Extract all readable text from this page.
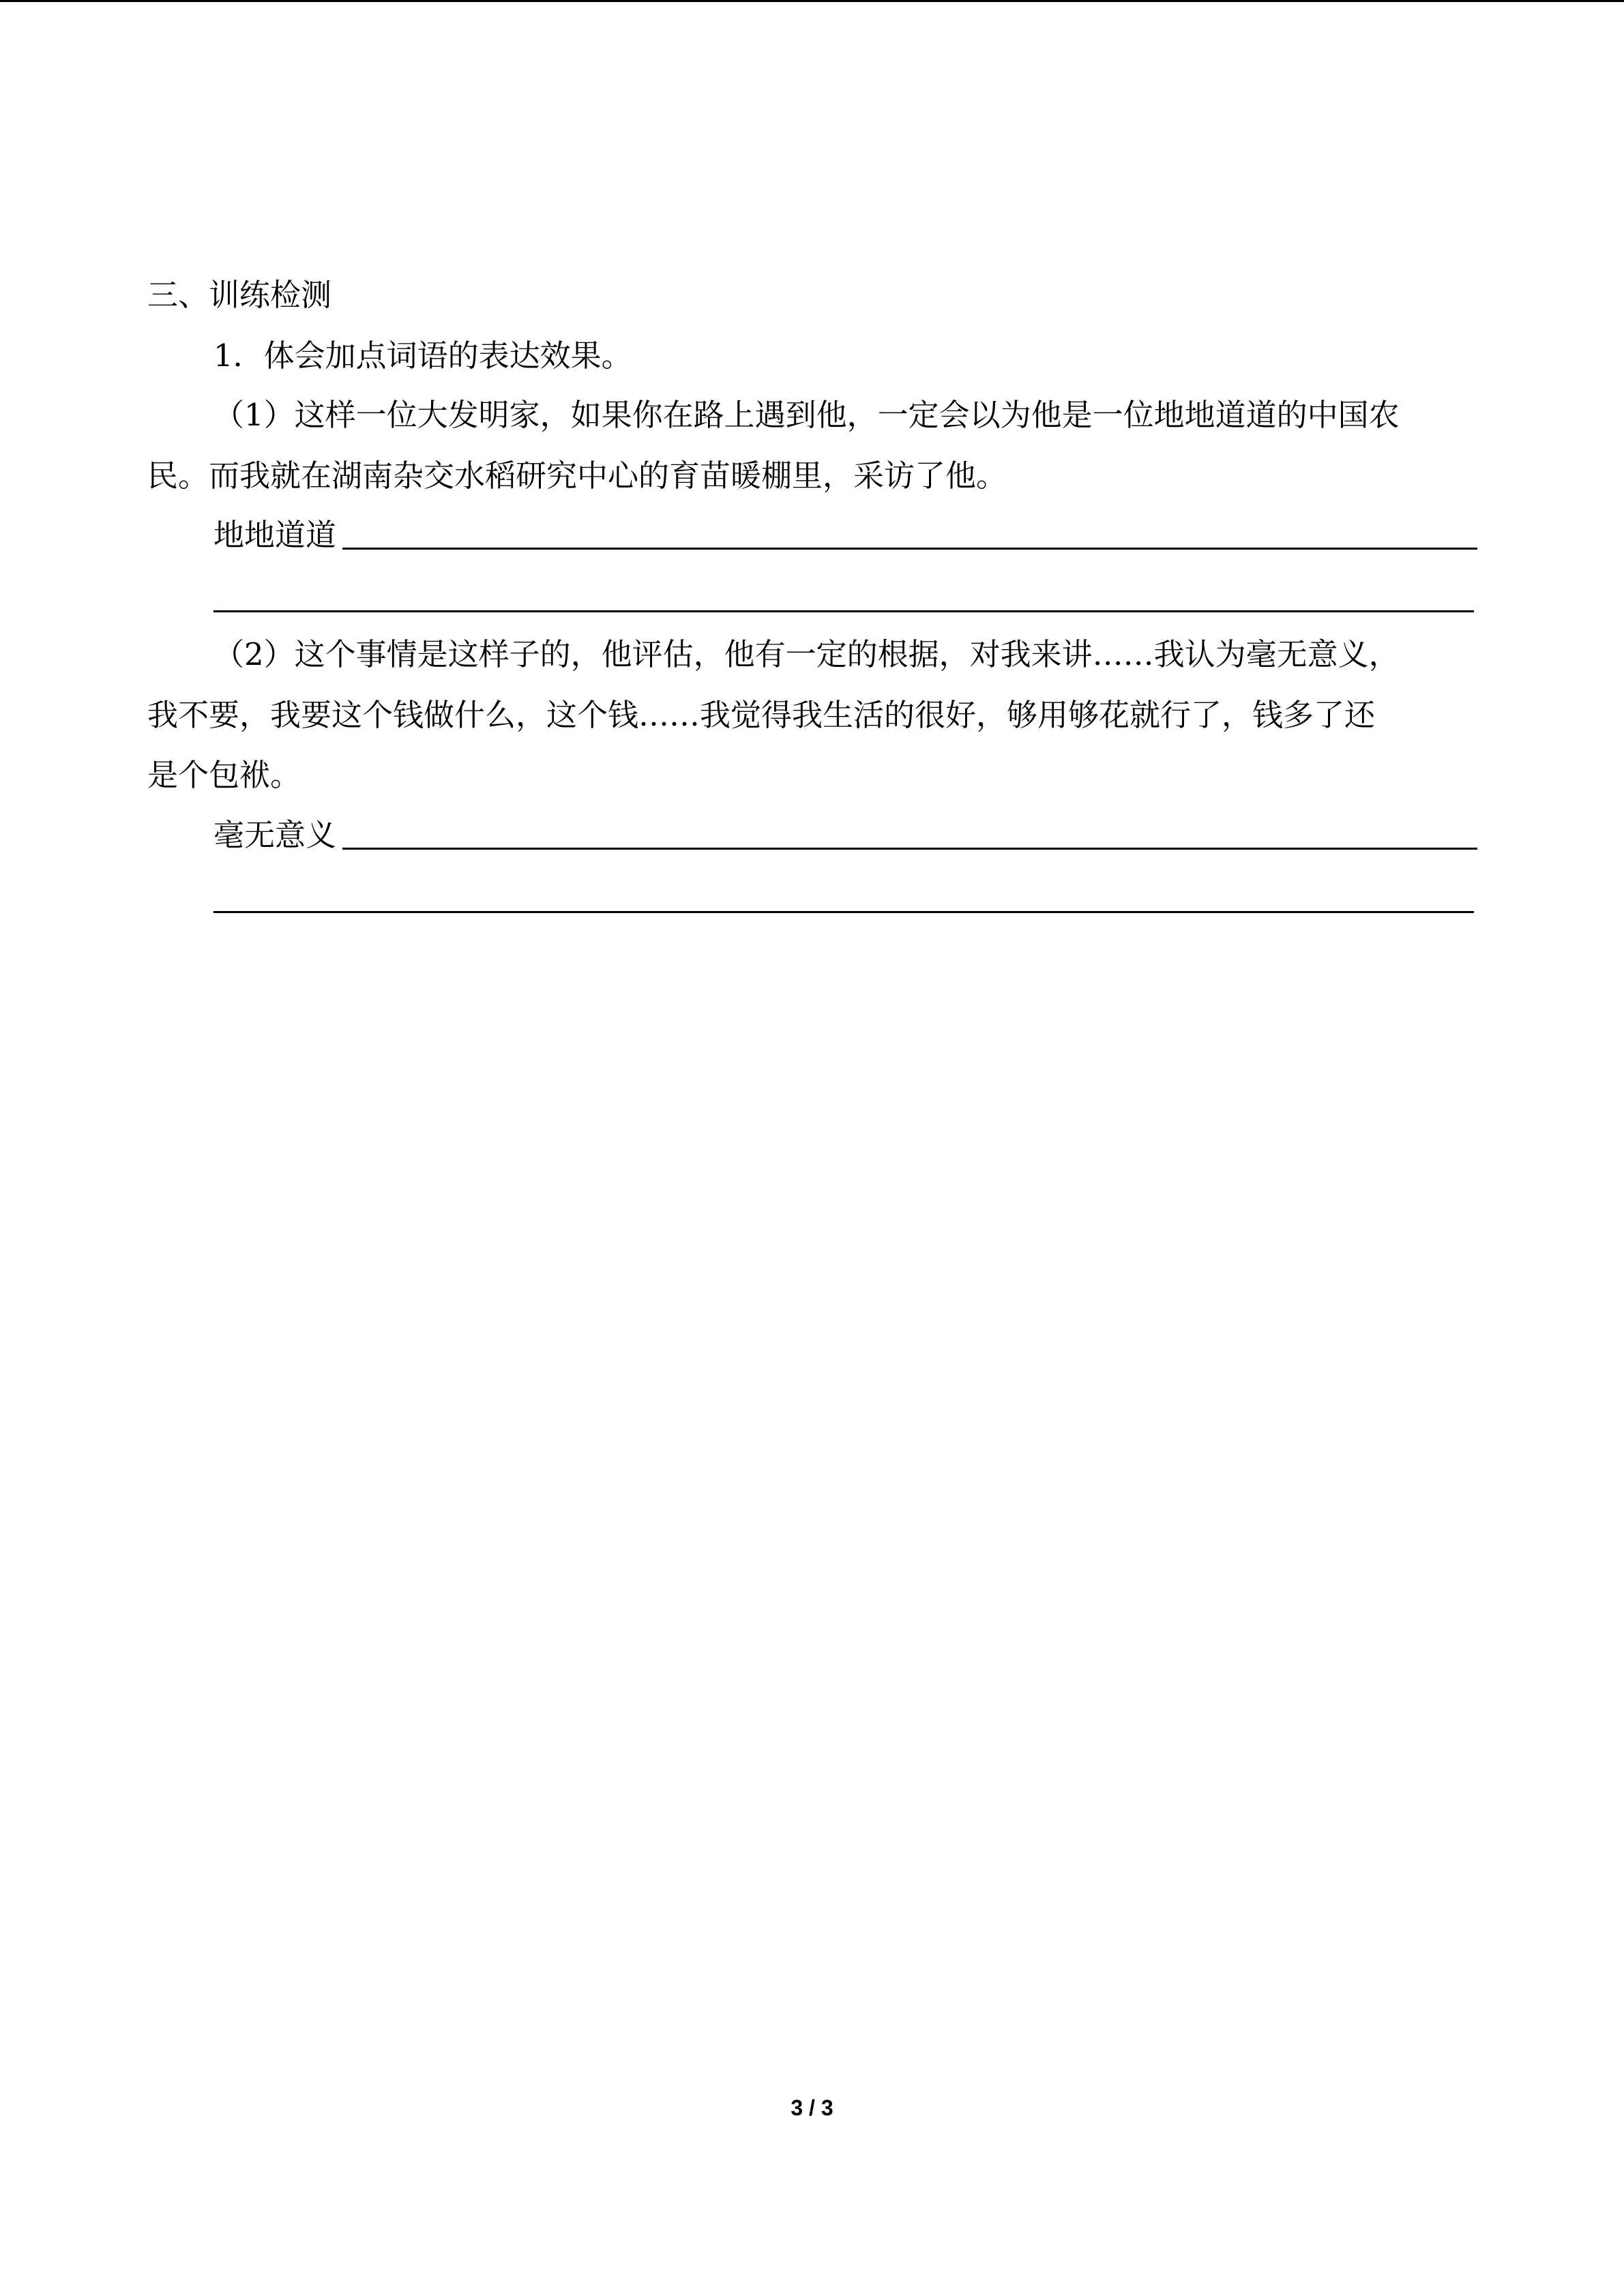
三、训练检测
1．体会加点词语的表达效果。
（1）这样一位大发明家，如果你在路上遇到他，一定会以为他是一位地地道道的中国农
民。而我就在湖南杂交水稻研究中心的育苗暖棚里，采访了他。
地地道道
（2）这个事情是这样子的，他评估，他有一定的根据，对我来讲……我认为毫无意义，
我不要，我要这个钱做什么，这个钱……我觉得我生活的很好，够用够花就行了，钱多了还
是个包袱。
毫无意义
3 / 3
